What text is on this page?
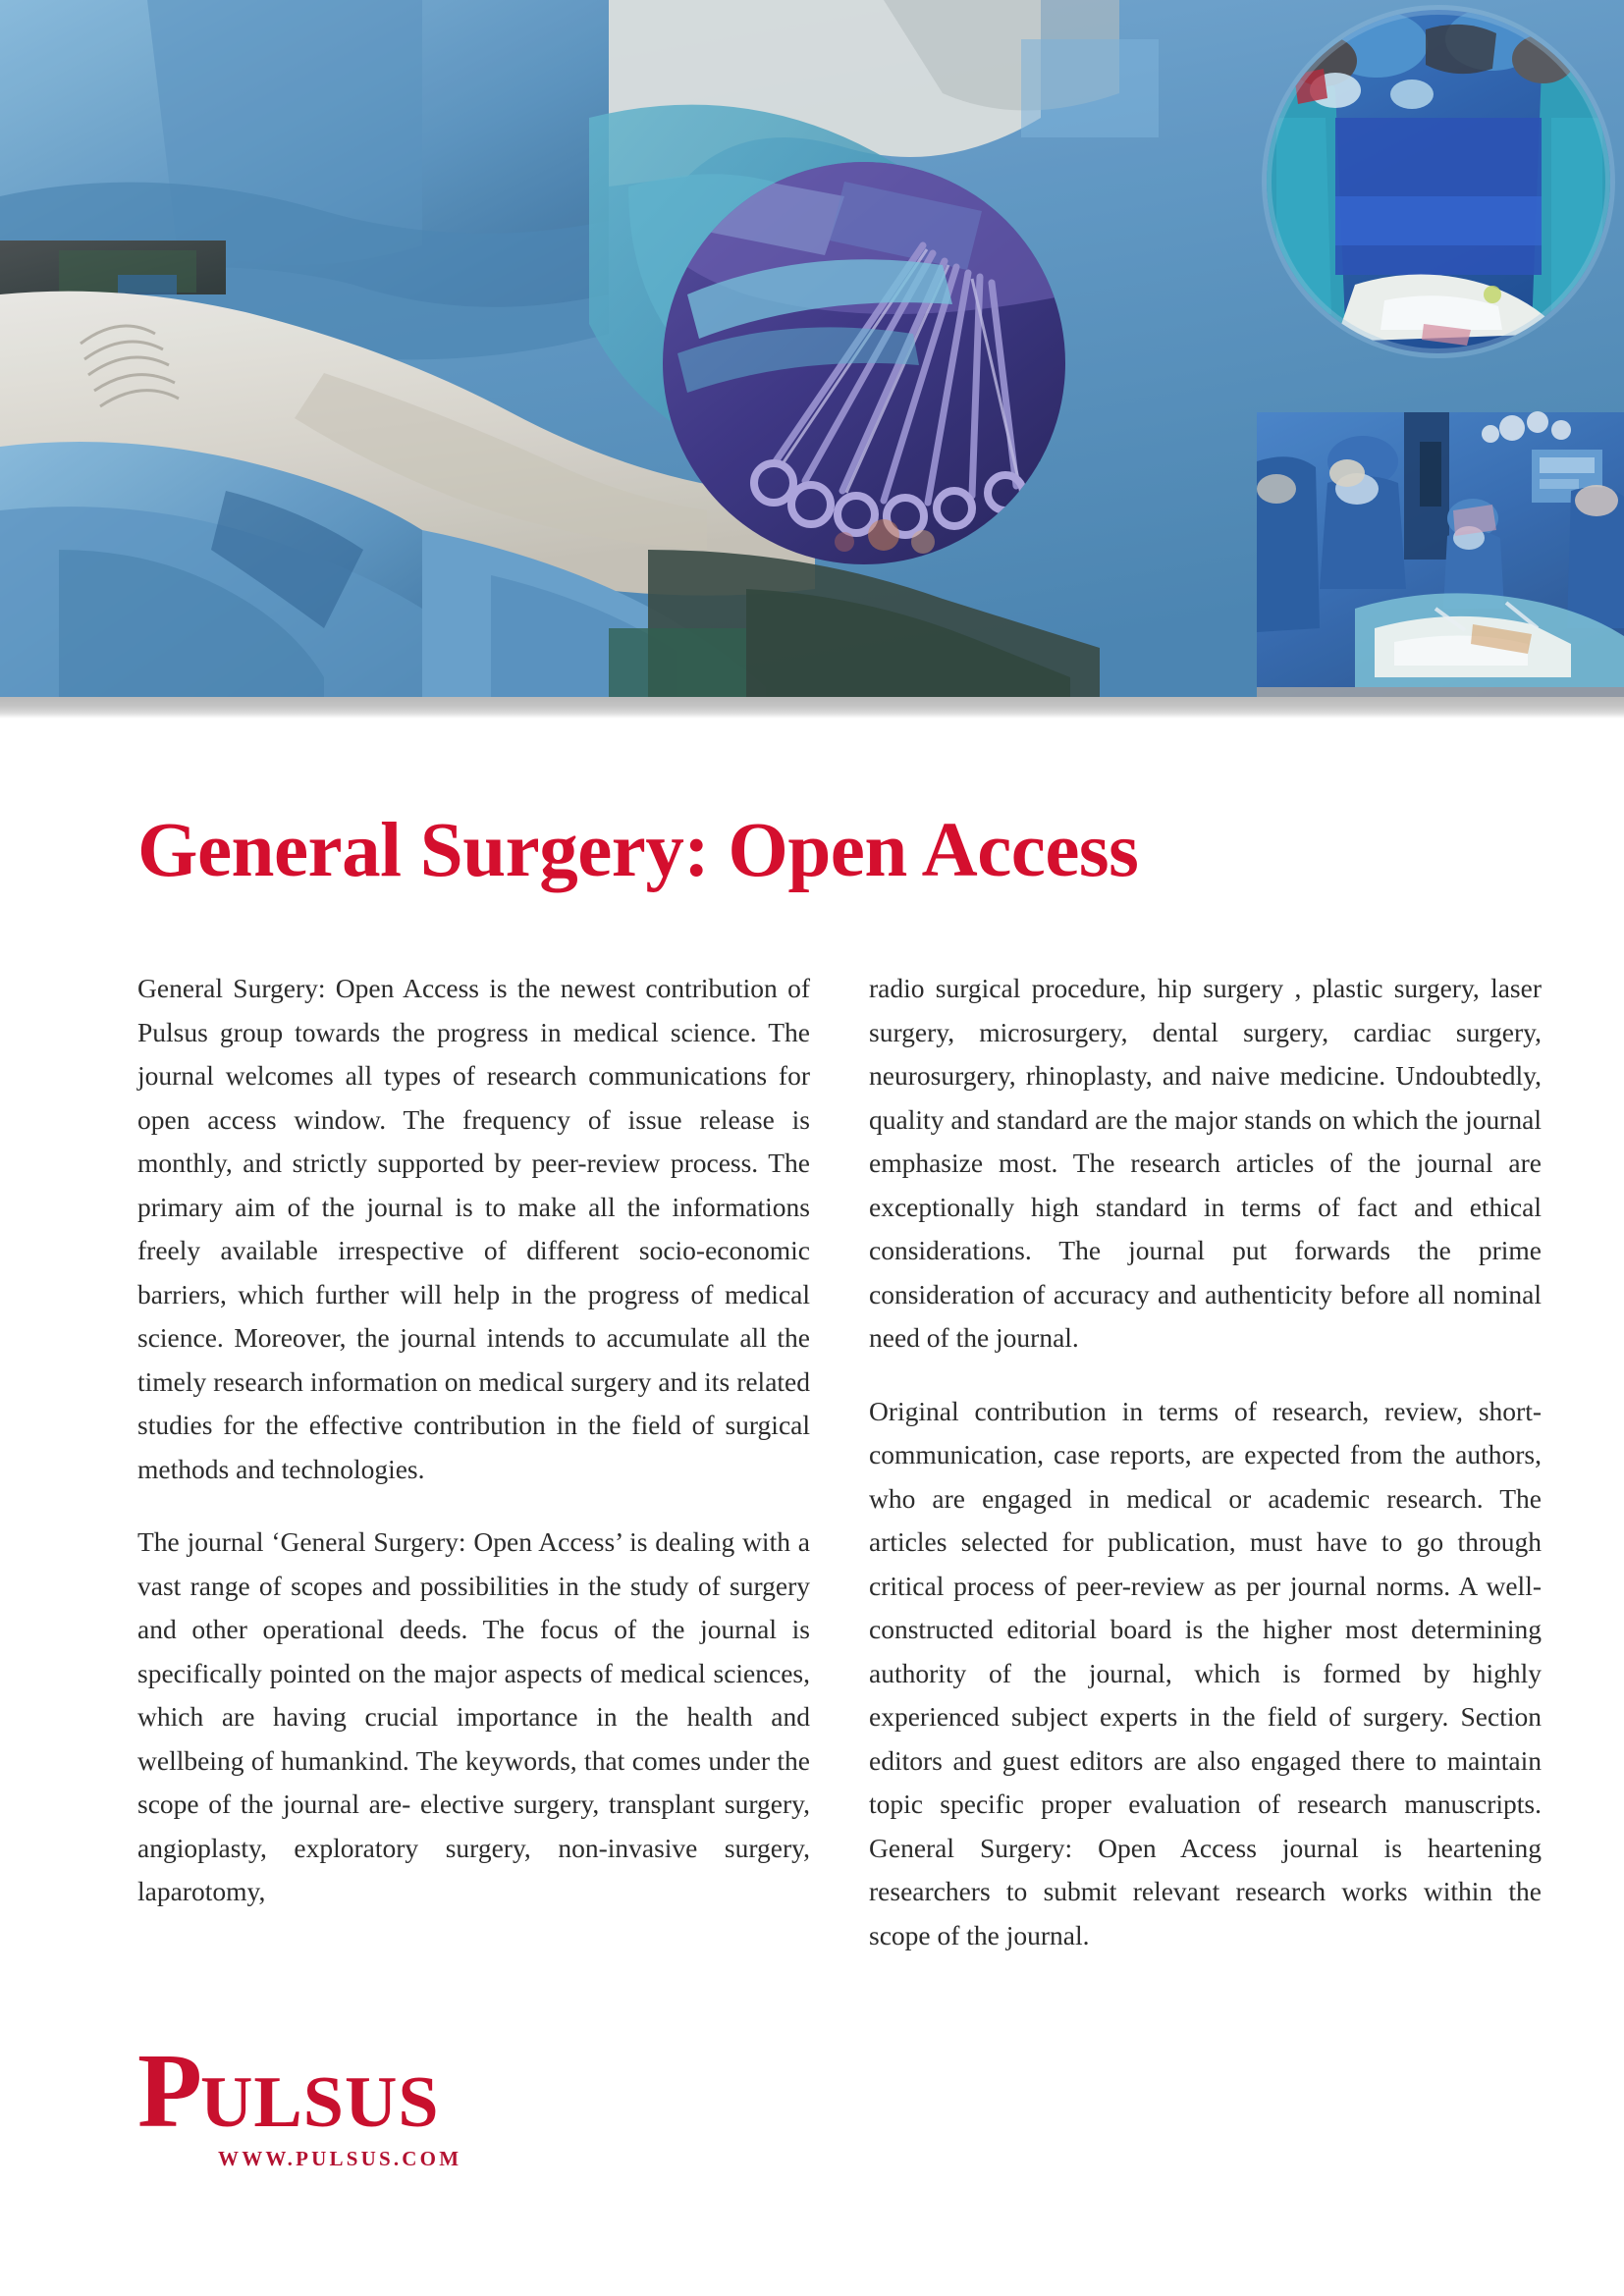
General Surgery: Open Access

General Surgery: Open Access is the newest contribution of Pulsus group towards the progress in medical science. The journal welcomes all types of research communications for open access window. The frequency of issue release is monthly, and strictly supported by peer-review process. The primary aim of the journal is to make all the informations freely available irrespective of different socio-economic barriers, which further will help in the progress of medical science. Moreover, the journal intends to accumulate all the timely research information on medical surgery and its related studies for the effective contribution in the field of surgical methods and technologies.

The journal ‘General Surgery: Open Access’ is dealing with a vast range of scopes and possibilities in the study of surgery and other operational deeds. The focus of the journal is specifically pointed on the major aspects of medical sciences, which are having crucial importance in the health and wellbeing of humankind. The keywords, that comes under the scope of the journal are- elective surgery, transplant surgery, angioplasty, exploratory surgery, non-invasive surgery, laparotomy,

radio surgical procedure, hip surgery , plastic surgery, laser surgery, microsurgery, dental surgery, cardiac surgery, neurosurgery, rhinoplasty, and naive medicine. Undoubtedly, quality and standard are the major stands on which the journal emphasize most. The research articles of the journal are exceptionally high standard in terms of fact and ethical considerations. The journal put forwards the prime consideration of accuracy and authenticity before all nominal need of the journal.

Original contribution in terms of research, review, short-communication, case reports, are expected from the authors, who are engaged in medical or academic research. The articles selected for publication, must have to go through critical process of peer-review as per journal norms. A well-constructed editorial board is the higher most determining authority of the journal, which is formed by highly experienced subject experts in the field of surgery. Section editors and guest editors are also engaged there to maintain topic specific proper evaluation of research manuscripts. General Surgery: Open Access journal is heartening researchers to submit relevant research works within the scope of the journal.

P ULSUS
WWW.PULSUS.COM
